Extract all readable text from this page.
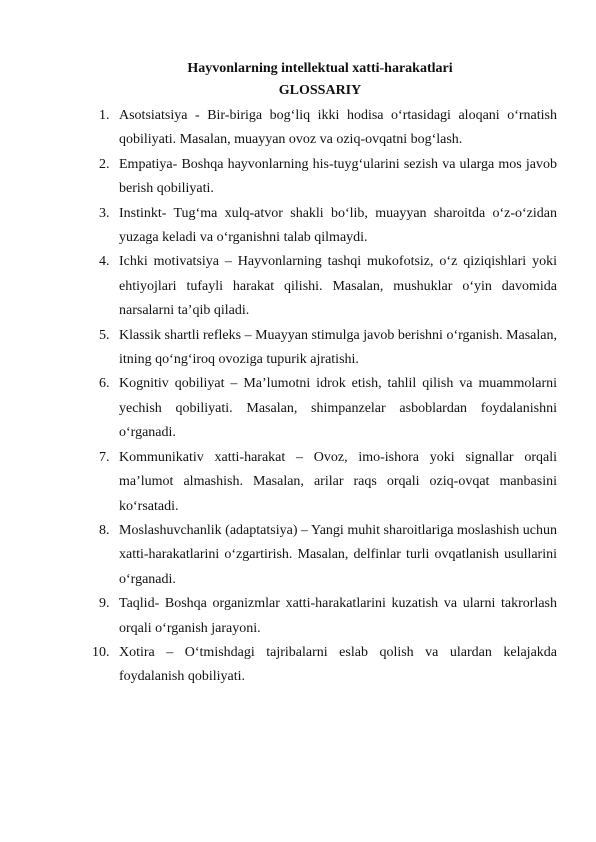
Hayvonlarning intellektual xatti-harakatlari
GLOSSARIY
1. Asotsiatsiya - Bir-biriga bog‘liq ikki hodisa o‘rtasidagi aloqani o‘rnatish qobiliyati. Masalan, muayyan ovoz va oziq-ovqatni bog‘lash.
2. Empatiya- Boshqa hayvonlarning his-tuyg‘ularini sezish va ularga mos javob berish qobiliyati.
3. Instinkt- Tug‘ma xulq-atvor shakli bo‘lib, muayyan sharoitda o‘z-o‘zidan yuzaga keladi va o‘rganishni talab qilmaydi.
4. Ichki motivatsiya – Hayvonlarning tashqi mukofotsiz, o‘z qiziqishlari yoki ehtiyojlari tufayli harakat qilishi. Masalan, mushuklar o‘yin davomida narsalarni ta’qib qiladi.
5. Klassik shartli refleks – Muayyan stimulga javob berishni o‘rganish. Masalan, itning qo‘ng‘iroq ovoziga tupurik ajratishi.
6. Kognitiv qobiliyat – Ma’lumotni idrok etish, tahlil qilish va muammolarni yechish qobiliyati. Masalan, shimpanzelar asboblardan foydalanishni o‘rganadi.
7. Kommunikativ xatti-harakat – Ovoz, imo-ishora yoki signallar orqali ma’lumot almashish. Masalan, arilar raqs orqali oziq-ovqat manbasini ko‘rsatadi.
8. Moslashuvchanlik (adaptatsiya) – Yangi muhit sharoitlariga moslashish uchun xatti-harakatlarini o‘zgartirish. Masalan, delfinlar turli ovqatlanish usullarini o‘rganadi.
9. Taqlid- Boshqa organizmlar xatti-harakatlarini kuzatish va ularni takrorlash orqali o‘rganish jarayoni.
10. Xotira – O‘tmishdagi tajribalarni eslab qolish va ulardan kelajakda foydalanish qobiliyati.
